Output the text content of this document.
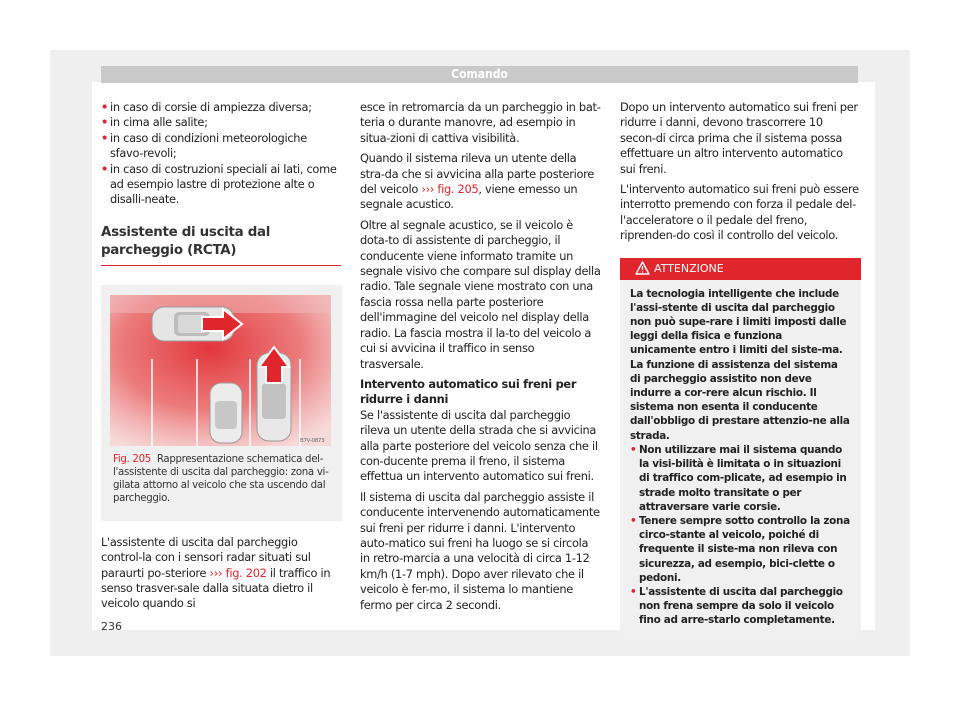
Comando
• in caso di corsie di ampiezza diversa;
• in cima alle salite;
• in caso di condizioni meteorologiche sfavo-revoli;
• in caso di costruzioni speciali ai lati, come ad esempio lastre di protezione alte o disalli-neate.
Assistente di uscita dal parcheggio (RCTA)
B7V-0873
Fig. 205 Rappresentazione schematica del-l'assistente di uscita dal parcheggio: zona vi-gilata attorno al veicolo che sta uscendo dal parcheggio.
L'assistente di uscita dal parcheggio control-la con i sensori radar situati sul paraurti po-steriore ››› fig. 202 il traffico in senso trasver-sale dalla situata dietro il veicolo quando si
esce in retromarcia da un parcheggio in bat-teria o durante manovre, ad esempio in situa-zioni di cattiva visibilità.
Quando il sistema rileva un utente della stra-da che si avvicina alla parte posteriore del veicolo ››› fig. 205, viene emesso un segnale acustico.
Oltre al segnale acustico, se il veicolo è dota-to di assistente di parcheggio, il conducente viene informato tramite un segnale visivo che compare sul display della radio. Tale segnale viene mostrato con una fascia rossa nella parte posteriore dell'immagine del veicolo nel display della radio. La fascia mostra il la-to del veicolo a cui si avvicina il traffico in senso trasversale.
Intervento automatico sui freni per ridurre i danni
Se l'assistente di uscita dal parcheggio rileva un utente della strada che si avvicina alla parte posteriore del veicolo senza che il con-ducente prema il freno, il sistema effettua un intervento automatico sui freni.
Il sistema di uscita dal parcheggio assiste il conducente intervenendo automaticamente sui freni per ridurre i danni. L'intervento auto-matico sui freni ha luogo se si circola in retro-marcia a una velocità di circa 1-12 km/h (1-7 mph). Dopo aver rilevato che il veicolo è fer-mo, il sistema lo mantiene fermo per circa 2 secondi.
Dopo un intervento automatico sui freni per ridurre i danni, devono trascorrere 10 secon-di circa prima che il sistema possa effettuare un altro intervento automatico sui freni.
L'intervento automatico sui freni può essere interrotto premendo con forza il pedale del-l'acceleratore o il pedale del freno, riprenden-do così il controllo del veicolo.
ATTENZIONE
La tecnologia intelligente che include l'assi-stente di uscita dal parcheggio non può supe-rare i limiti imposti dalle leggi della fisica e funziona unicamente entro i limiti del siste-ma. La funzione di assistenza del sistema di parcheggio assistito non deve indurre a cor-rere alcun rischio. Il sistema non esenta il conducente dall'obbligo di prestare attenzio-ne alla strada.
• Non utilizzare mai il sistema quando la visi-bilità è limitata o in situazioni di traffico com-plicate, ad esempio in strade molto transitate o per attraversare varie corsie.
• Tenere sempre sotto controllo la zona circo-stante al veicolo, poiché di frequente il siste-ma non rileva con sicurezza, ad esempio, bici-clette o pedoni.
• L'assistente di uscita dal parcheggio non frena sempre da solo il veicolo fino ad arre-starlo completamente.
236
